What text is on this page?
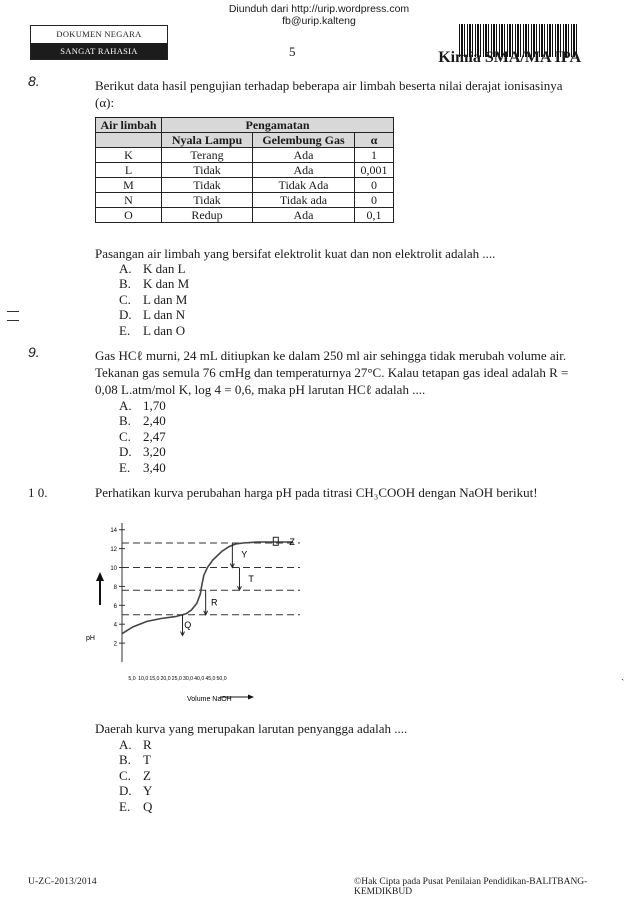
Diunduh dari http://urip.wordpress.com
fb@urip.kalteng
DOKUMEN NEGARA
SANGAT RAHASIA	5	Kimia SMA/MA IPA
ˎ
8.	Berikut data hasil pengujian terhadap beberapa air limbah beserta nilai derajat ionisasinya
(α):
Air limbah	Pengamatan		
	Nyala Lampu	Gelembung Gas	α
K	Terang	Ada	1
L	Tidak	Ada	0,001
M	Tidak	Tidak Ada	0
N	Tidak	Tidak ada	0
O	Redup	Ada	0,1
Pasangan air limbah yang bersifat elektrolit kuat dan non elektrolit adalah ....
A. K dan L
B. K dan M
C. L dan M
D. L dan N
E. L dan O
9.	Gas HCℓ murni, 24 mL ditiupkan ke dalam 250 ml air sehingga tidak merubah volume air.
Tekanan gas semula 76 cmHg dan temperaturnya 27°C. Kalau tetapan gas ideal adalah R =
0,08 L.atm/mol K, log 4 = 0,6, maka pH larutan HCℓ adalah ....
A. 1,70
B. 2,40
C. 2,47
D. 3,20
E. 3,40
1 0.	Perhatikan kurva perubahan harga pH pada titrasi CH₃COOH dengan NaOH berikut!
2
4
6
8
10
12
14
5,0 10,0 15,0 20,0 25,0 30,0 40,0 45,0 50,0
Z
Y
T
R
Q
pH
Volume NaOH
Daerah kurva yang merupakan larutan penyangga adalah ....
A. R
B. T
C. Z
D. Y
E. Q
U-ZC-2013/2014	©Hak Cipta pada Pusat Penilaian Pendidikan-BALITBANG-KEMDIKBUD
